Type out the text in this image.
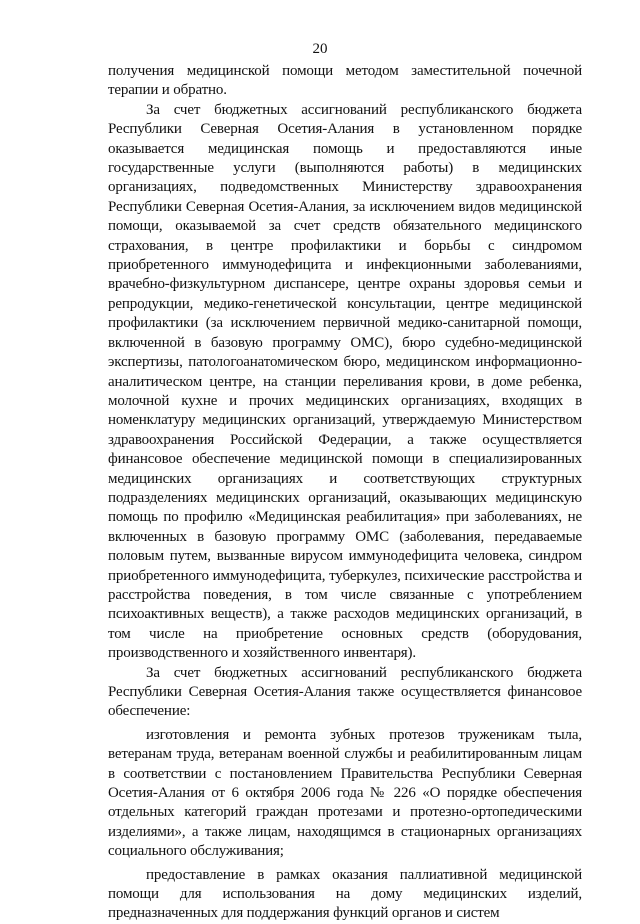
20

получения медицинской помощи методом заместительной почечной терапии и обратно.

За счет бюджетных ассигнований республиканского бюджета Республики Северная Осетия-Алания в установленном порядке оказывается медицинская помощь и предоставляются иные государственные услуги (выполняются работы) в медицинских организациях, подведомственных Министерству здравоохранения Республики Северная Осетия-Алания, за исключением видов медицинской помощи, оказываемой за счет средств обязательного медицинского страхования, в центре профилактики и борьбы с синдромом приобретенного иммунодефицита и инфекционными заболеваниями, врачебно-физкультурном диспансере, центре охраны здоровья семьи и репродукции, медико-генетической консультации, центре медицинской профилактики (за исключением первичной медико-санитарной помощи, включенной в базовую программу ОМС), бюро судебно-медицинской экспертизы, патологоанатомическом бюро, медицинском информационно-аналитическом центре, на станции переливания крови, в доме ребенка, молочной кухне и прочих медицинских организациях, входящих в номенклатуру медицинских организаций, утверждаемую Министерством здравоохранения Российской Федерации, а также осуществляется финансовое обеспечение медицинской помощи в специализированных медицинских организациях и соответствующих структурных подразделениях медицинских организаций, оказывающих медицинскую помощь по профилю «Медицинская реабилитация» при заболеваниях, не включенных в базовую программу ОМС (заболевания, передаваемые половым путем, вызванные вирусом иммунодефицита человека, синдром приобретенного иммунодефицита, туберкулез, психические расстройства и расстройства поведения, в том числе связанные с употреблением психоактивных веществ), а также расходов медицинских организаций, в том числе на приобретение основных средств (оборудования, производственного и хозяйственного инвентаря).

За счет бюджетных ассигнований республиканского бюджета Республики Северная Осетия-Алания также осуществляется финансовое обеспечение:

изготовления и ремонта зубных протезов труженикам тыла, ветеранам труда, ветеранам военной службы и реабилитированным лицам в соответствии с постановлением Правительства Республики Северная Осетия-Алания от 6 октября 2006 года № 226 «О порядке обеспечения отдельных категорий граждан протезами и протезно-ортопедическими изделиями», а также лицам, находящимся в стационарных организациях социального обслуживания;

предоставление в рамках оказания паллиативной медицинской помощи для использования на дому медицинских изделий, предназначенных для поддержания функций органов и систем
